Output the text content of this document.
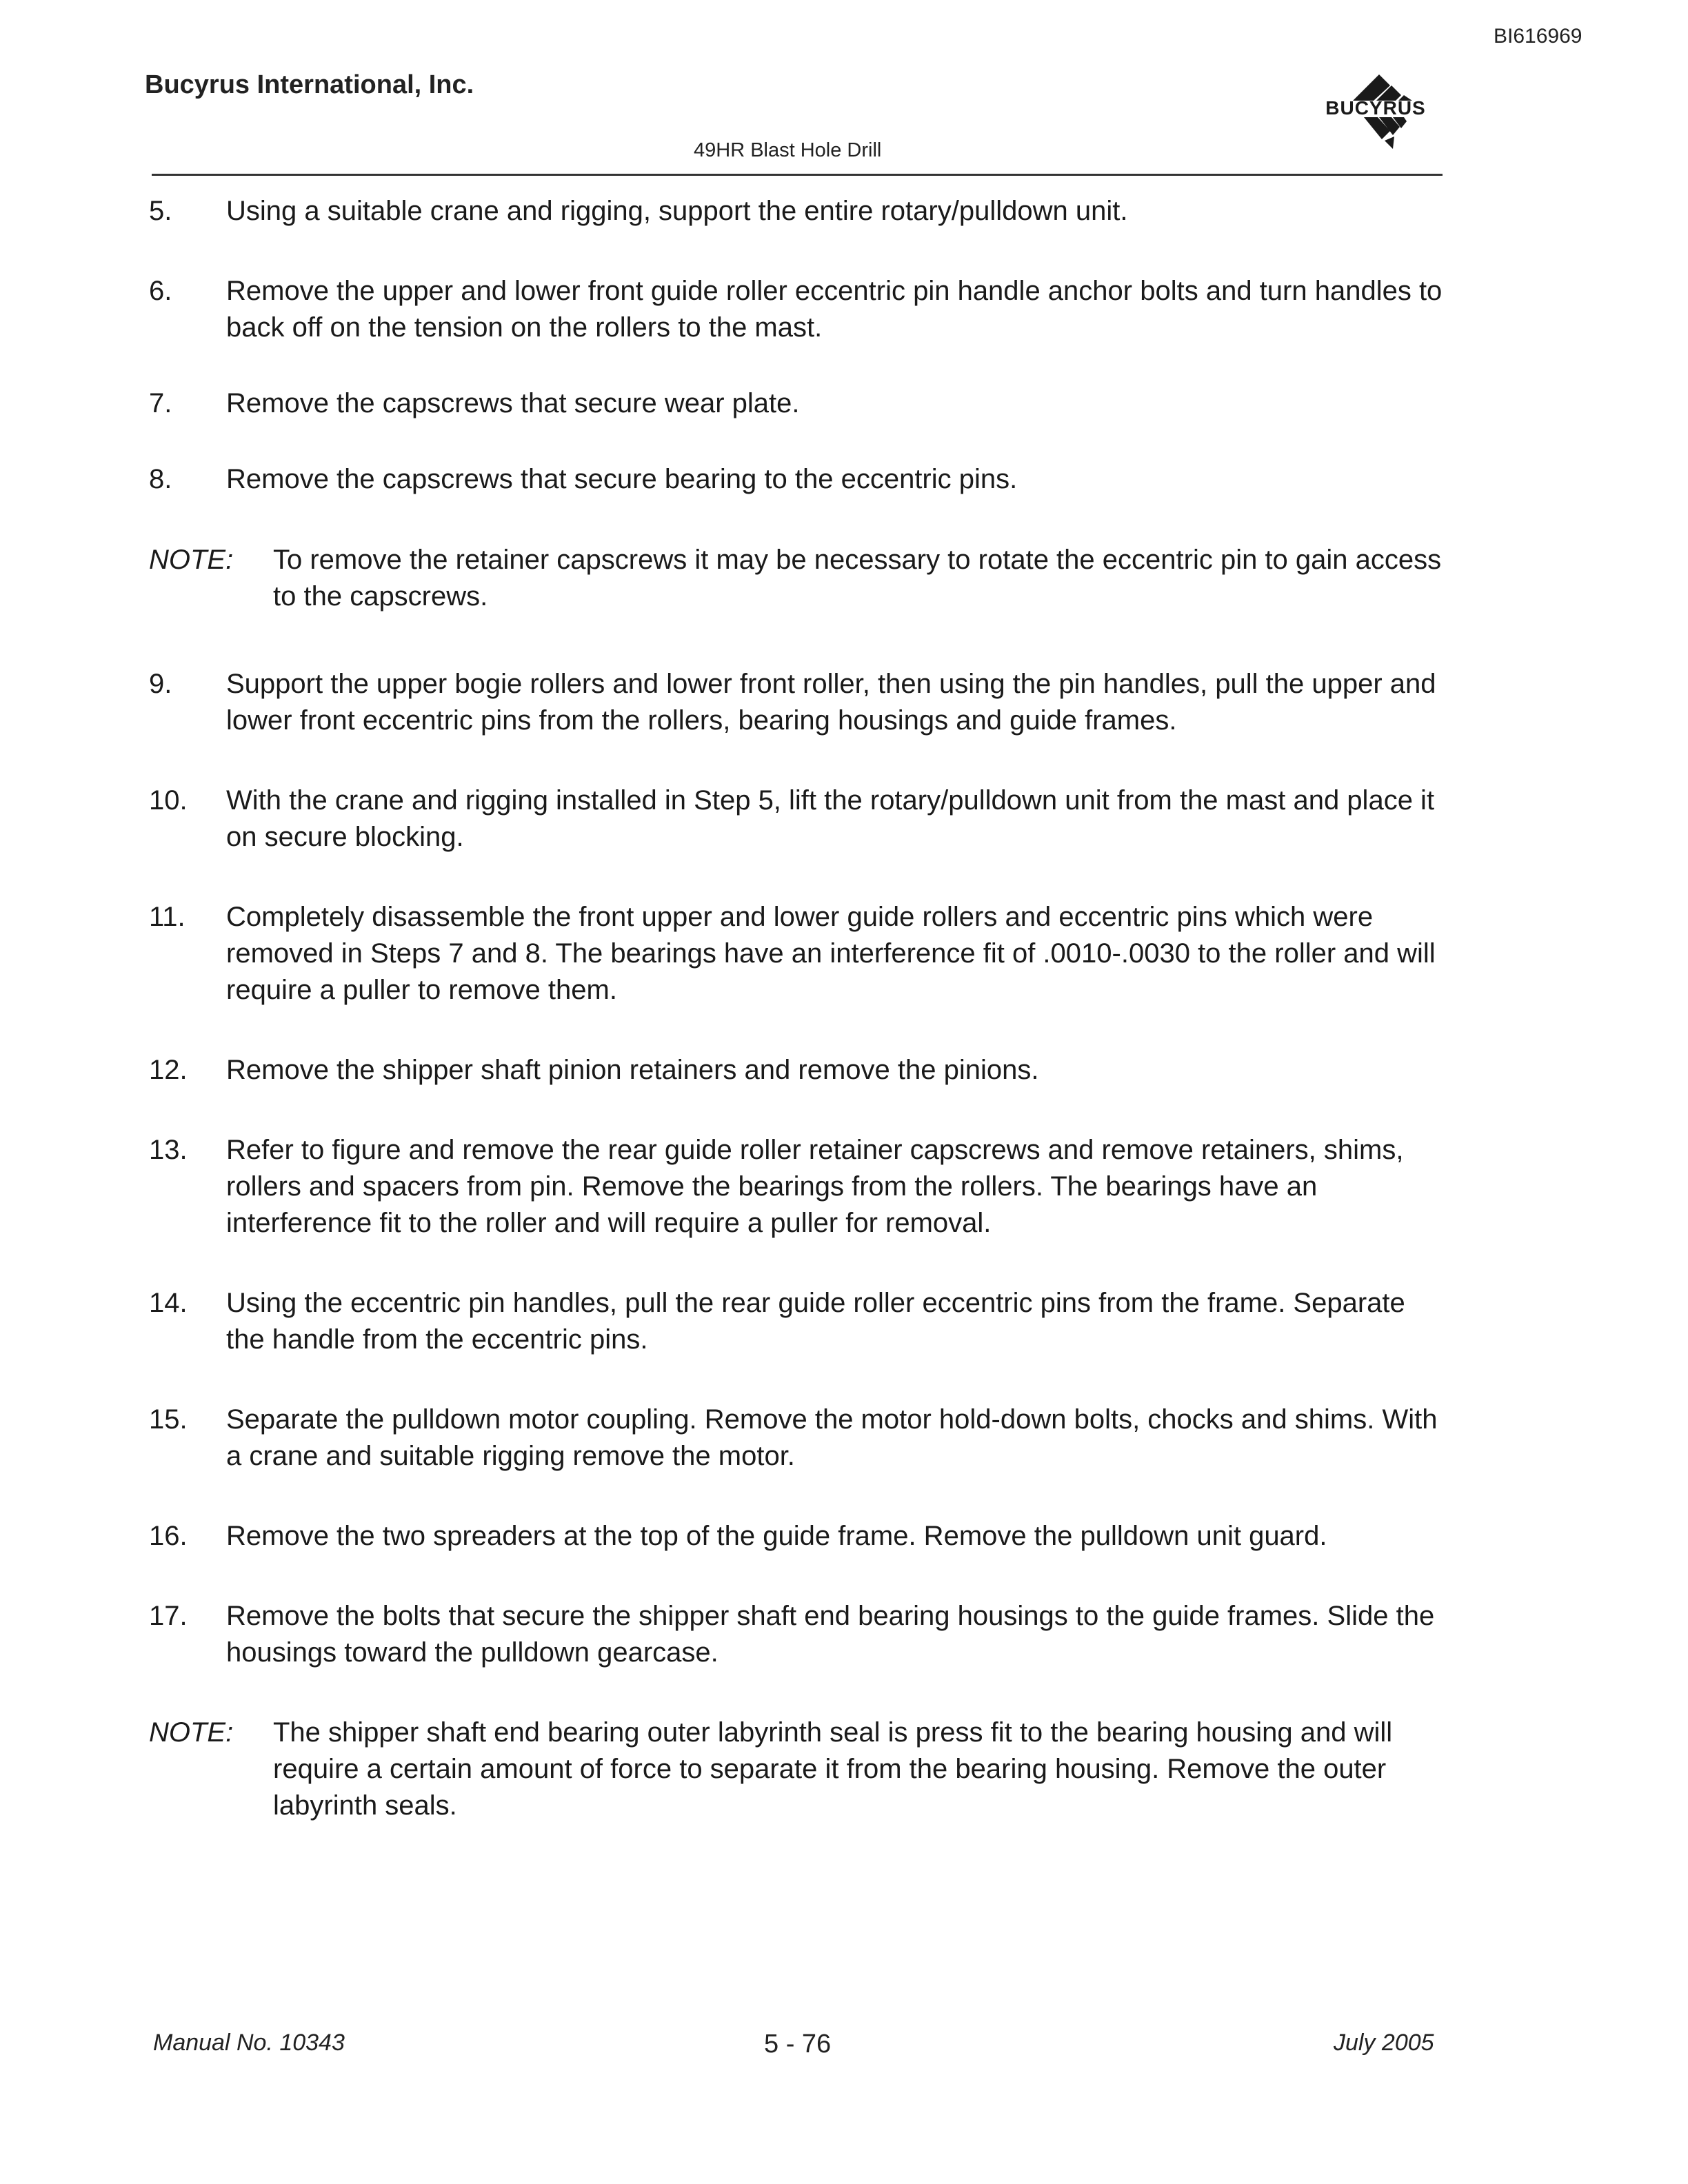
BI616969
Bucyrus International, Inc.
49HR Blast Hole Drill
BUCYRUS
5.	Using a suitable crane and rigging, support the entire rotary/pulldown unit.
6.	Remove the upper and lower front guide roller eccentric pin handle anchor bolts and turn handles to back off on the tension on the rollers to the mast.
7.	Remove the capscrews that secure wear plate.
8.	Remove the capscrews that secure bearing to the eccentric pins.
NOTE:	To remove the retainer capscrews it may be necessary to rotate the eccentric pin to gain access to the capscrews.
9.	Support the upper bogie rollers and lower front roller, then using the pin handles, pull the upper and lower front eccentric pins from the rollers, bearing housings and guide frames.
10.	With the crane and rigging installed in Step 5, lift the rotary/pulldown unit from the mast and place it on secure blocking.
11.	Completely disassemble the front upper and lower guide rollers and eccentric pins which were removed in Steps 7 and 8. The bearings have an interference fit of .0010-.0030 to the roller and will require a puller to remove them.
12.	Remove the shipper shaft pinion retainers and remove the pinions.
13.	Refer to figure and remove the rear guide roller retainer capscrews and remove retainers, shims, rollers and spacers from pin. Remove the bearings from the rollers. The bearings have an interference fit to the roller and will require a puller for removal.
14.	Using the eccentric pin handles, pull the rear guide roller eccentric pins from the frame. Separate the handle from the eccentric pins.
15.	Separate the pulldown motor coupling. Remove the motor hold-down bolts, chocks and shims. With a crane and suitable rigging remove the motor.
16.	Remove the two spreaders at the top of the guide frame. Remove the pulldown unit guard.
17.	Remove the bolts that secure the shipper shaft end bearing housings to the guide frames. Slide the housings toward the pulldown gearcase.
NOTE:	The shipper shaft end bearing outer labyrinth seal is press fit to the bearing housing and will require a certain amount of force to separate it from the bearing housing. Remove the outer labyrinth seals.
Manual No. 10343	5 - 76	July 2005
